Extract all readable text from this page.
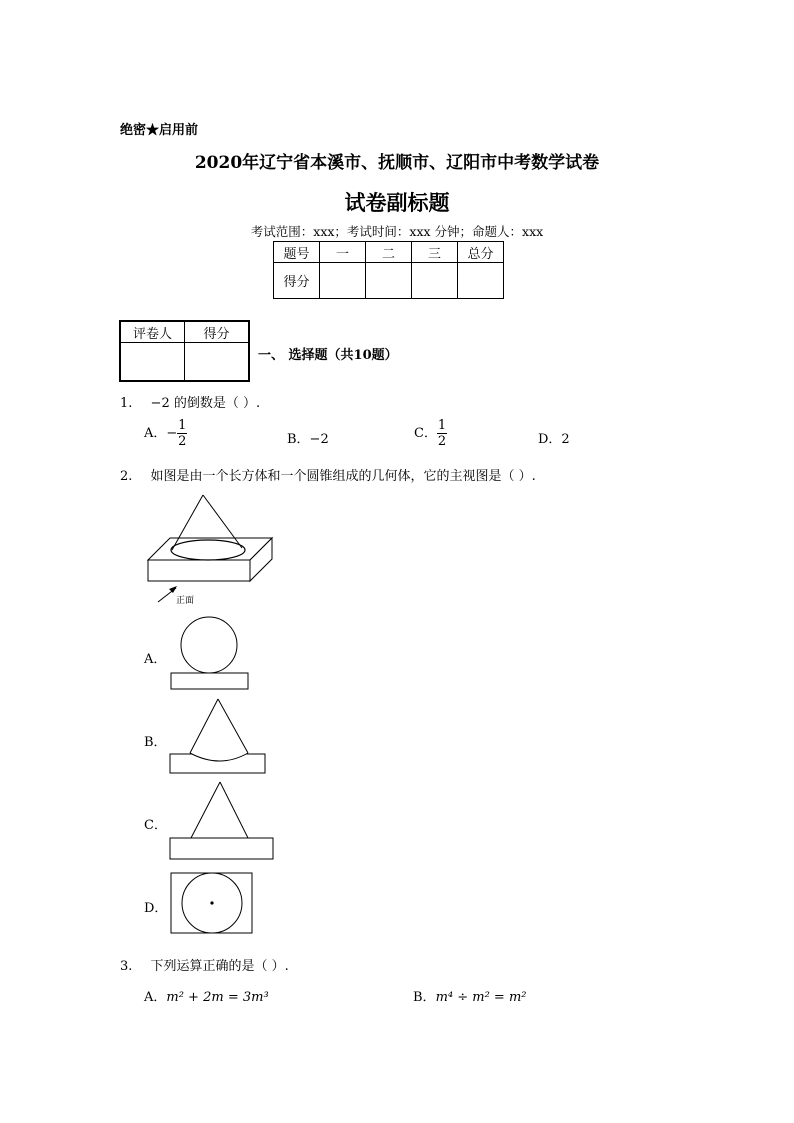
绝密★启用前
2020年辽宁省本溪市、抚顺市、辽阳市中考数学试卷
试卷副标题
考试范围：xxx；考试时间：xxx 分钟；命题人：xxx
题号	一	二	三	总分
得分				
评卷人	得分

一、 选择题（共10题）
1. −2 的倒数是（ ）.
A．− $\frac{1}{2}$	B．−2	C． $\frac{1}{2}$	D．2
2. 如图是由一个长方体和一个圆锥组成的几何体，它的主视图是（ ）.
正面
A．
B．
C．
D．
3. 下列运算正确的是（ ）.
A．m² + 2m = 3m³	B．m⁴ ÷ m² = m²
